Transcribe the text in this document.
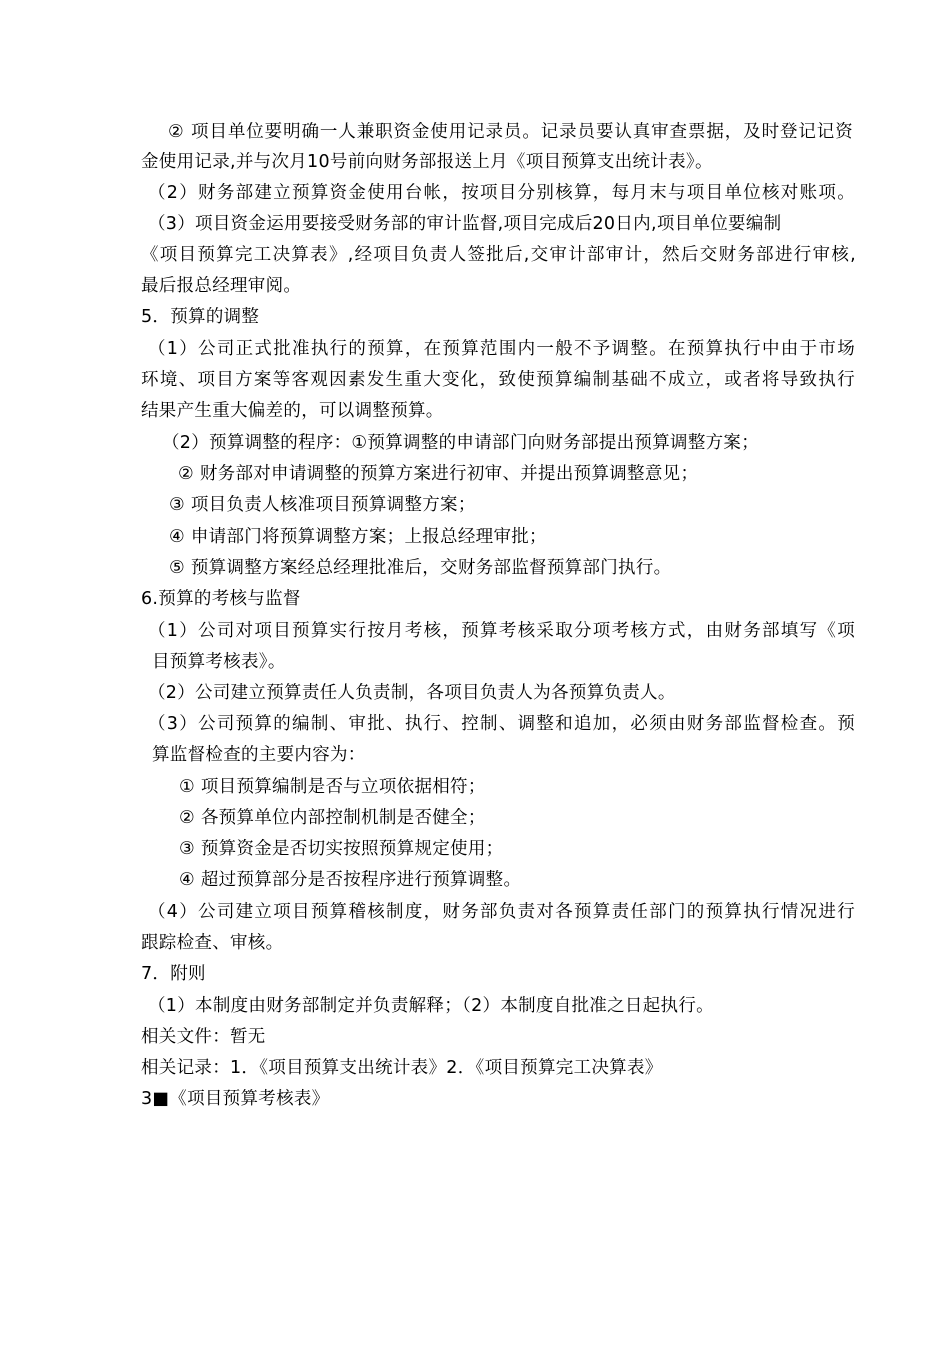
② 项目单位要明确一人兼职资金使用记录员。记录员要认真审查票据，及时登记记资
金使用记录,并与次月10号前向财务部报送上月《项目预算支出统计表》。
（2）财务部建立预算资金使用台帐，按项目分别核算，每月末与项目单位核对账项。
（3）项目资金运用要接受财务部的审计监督,项目完成后20日内,项目单位要编制
《项目预算完工决算表》,经项目负责人签批后,交审计部审计，然后交财务部进行审核,
最后报总经理审阅。
5．预算的调整
（1）公司正式批准执行的预算，在预算范围内一般不予调整。在预算执行中由于市场
环境、项目方案等客观因素发生重大变化，致使预算编制基础不成立，或者将导致执行
结果产生重大偏差的，可以调整预算。
（2）预算调整的程序：①预算调整的申请部门向财务部提出预算调整方案；
② 财务部对申请调整的预算方案进行初审、并提出预算调整意见；
③ 项目负责人核准项目预算调整方案；
④ 申请部门将预算调整方案；上报总经理审批；
⑤ 预算调整方案经总经理批准后，交财务部监督预算部门执行。
6.预算的考核与监督
（1）公司对项目预算实行按月考核，预算考核采取分项考核方式，由财务部填写《项
目预算考核表》。
（2）公司建立预算责任人负责制，各项目负责人为各预算负责人。
（3）公司预算的编制、审批、执行、控制、调整和追加，必须由财务部监督检查。预
算监督检查的主要内容为：
① 项目预算编制是否与立项依据相符；
② 各预算单位内部控制机制是否健全；
③ 预算资金是否切实按照预算规定使用；
④ 超过预算部分是否按程序进行预算调整。
（4）公司建立项目预算稽核制度，财务部负责对各预算责任部门的预算执行情况进行
跟踪检查、审核。
7．附则
（1）本制度由财务部制定并负责解释；（2）本制度自批准之日起执行。
相关文件：暂无
相关记录：1．《项目预算支出统计表》2．《项目预算完工决算表》
3■《项目预算考核表》
